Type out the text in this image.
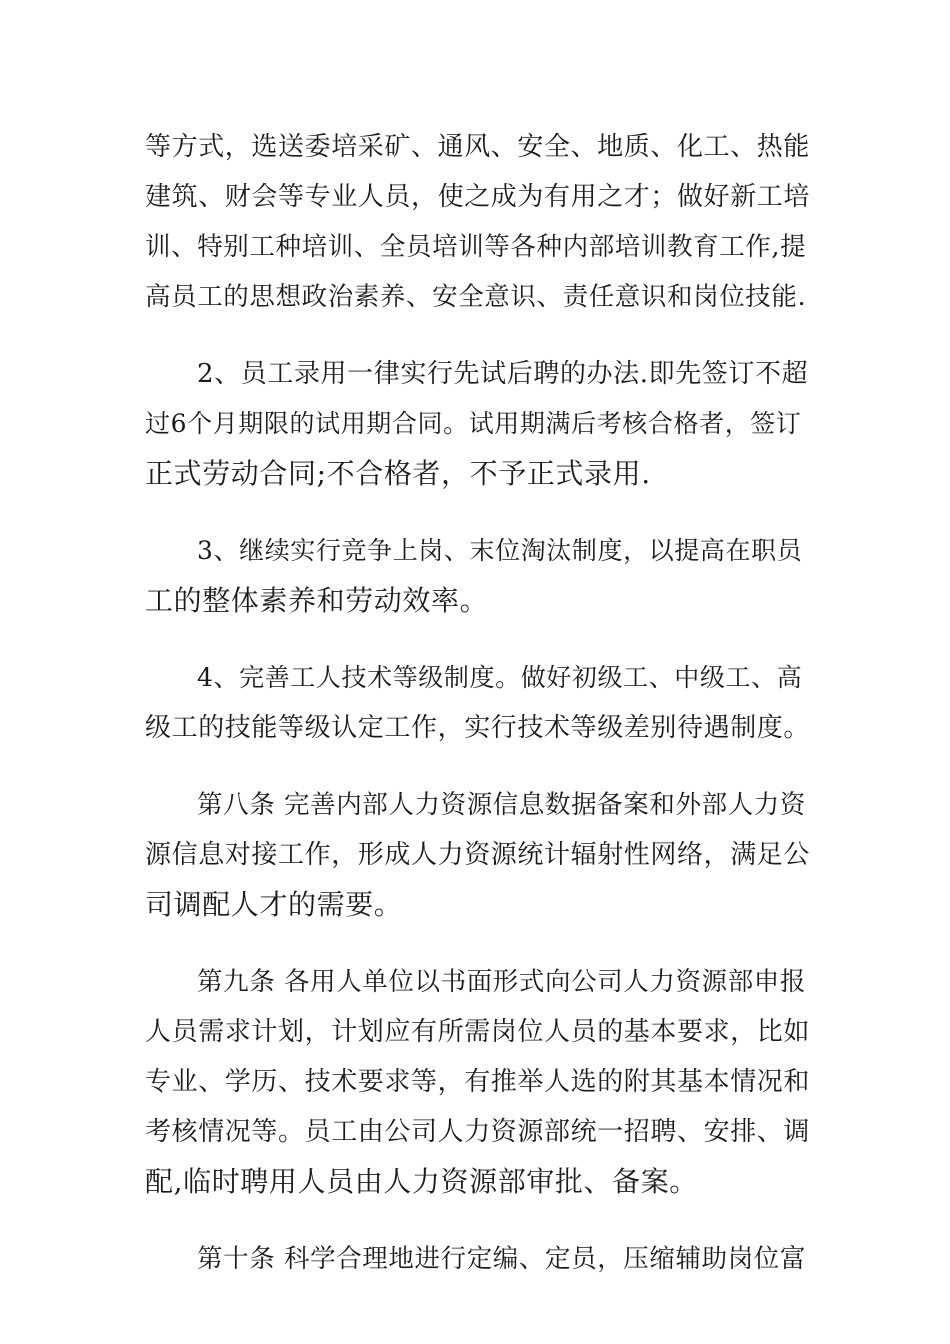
等方式，选送委培采矿、通风、安全、地质、化工、热能
建筑、财会等专业人员，使之成为有用之才；做好新工培
训、特别工种培训、全员培训等各种内部培训教育工作,提
高员工的思想政治素养、安全意识、责任意识和岗位技能.
2、员工录用一律实行先试后聘的办法.即先签订不超
过6个月期限的试用期合同。试用期满后考核合格者，签订
正式劳动合同;不合格者，不予正式录用.
3、继续实行竞争上岗、末位淘汰制度，以提高在职员
工的整体素养和劳动效率。
4、完善工人技术等级制度。做好初级工、中级工、高
级工的技能等级认定工作，实行技术等级差别待遇制度。
第八条 完善内部人力资源信息数据备案和外部人力资
源信息对接工作，形成人力资源统计辐射性网络，满足公
司调配人才的需要。
第九条 各用人单位以书面形式向公司人力资源部申报
人员需求计划，计划应有所需岗位人员的基本要求，比如
专业、学历、技术要求等，有推举人选的附其基本情况和
考核情况等。员工由公司人力资源部统一招聘、安排、调
配,临时聘用人员由人力资源部审批、备案。
第十条 科学合理地进行定编、定员，压缩辅助岗位富
